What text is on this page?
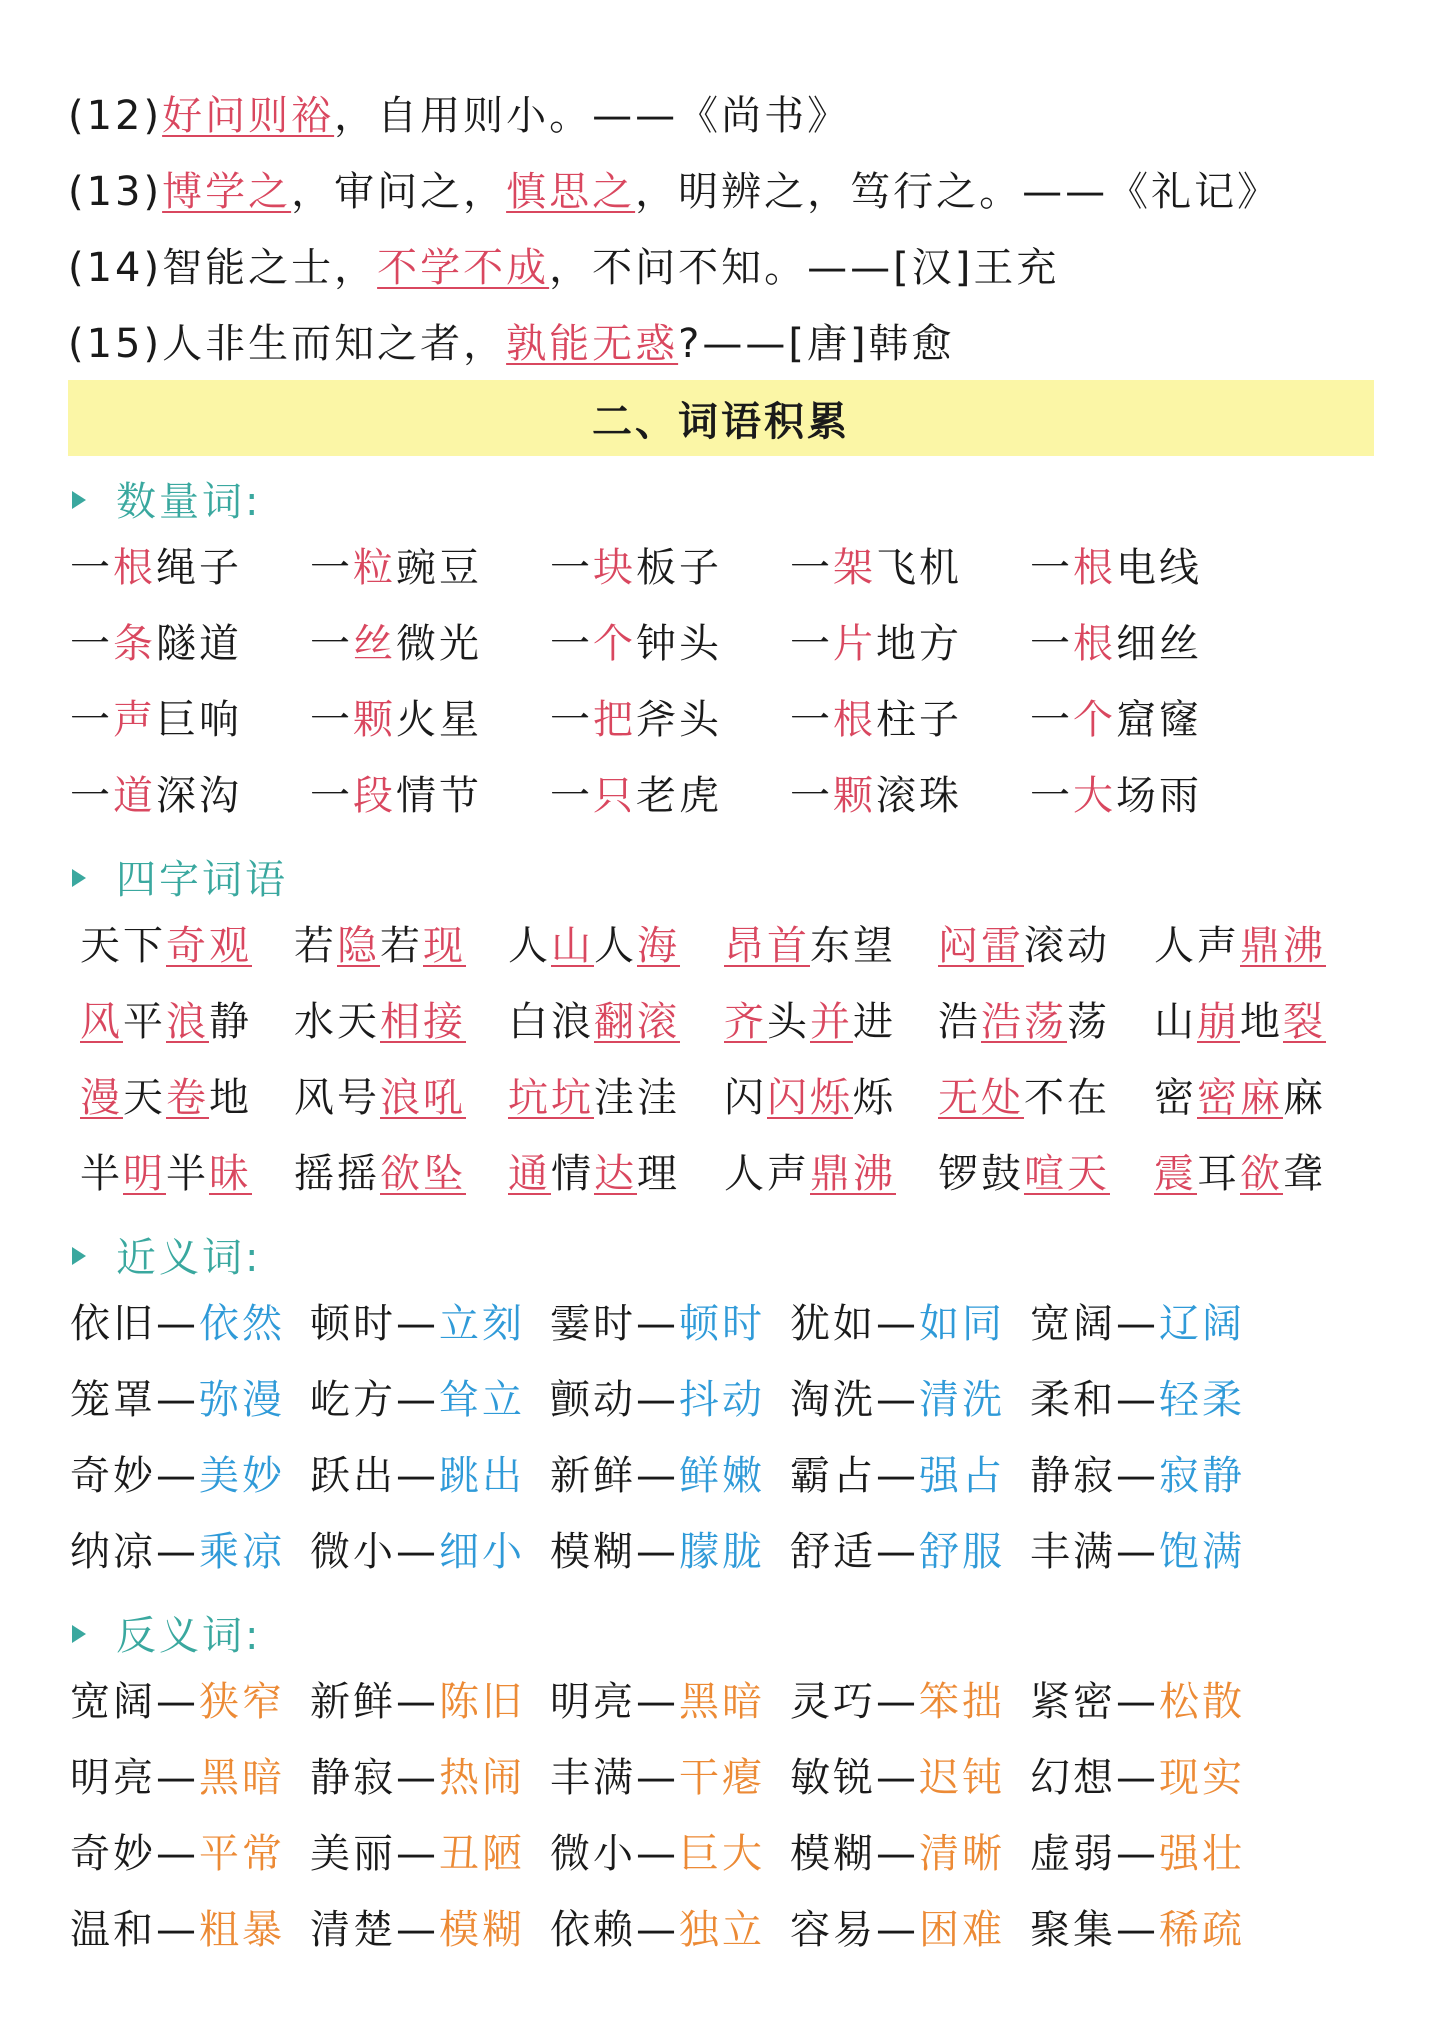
(12)好问则裕，自用则小。——《尚书》
(13)博学之，审问之，慎思之，明辨之，笃行之。——《礼记》
(14)智能之士，不学不成，不问不知。——[汉]王充
(15)人非生而知之者，孰能无惑?——[唐]韩愈
二、词语积累
数量词:
一根绳子 一粒豌豆 一块板子 一架飞机 一根电线
一条隧道 一丝微光 一个钟头 一片地方 一根细丝
一声巨响 一颗火星 一把斧头 一根柱子 一个窟窿
一道深沟 一段情节 一只老虎 一颗滚珠 一大场雨
四字词语
天下奇观 若隐若现 人山人海 昂首东望 闷雷滚动 人声鼎沸
风平浪静 水天相接 白浪翻滚 齐头并进 浩浩荡荡 山崩地裂
漫天卷地 风号浪吼 坑坑洼洼 闪闪烁烁 无处不在 密密麻麻
半明半昧 摇摇欲坠 通情达理 人声鼎沸 锣鼓喧天 震耳欲聋
近义词:
依旧—依然 顿时—立刻 霎时—顿时 犹如—如同 宽阔—辽阔
笼罩—弥漫 屹方—耸立 颤动—抖动 淘洗—清洗 柔和—轻柔
奇妙—美妙 跃出—跳出 新鲜—鲜嫩 霸占—强占 静寂—寂静
纳凉—乘凉 微小—细小 模糊—朦胧 舒适—舒服 丰满—饱满
反义词:
宽阔—狭窄 新鲜—陈旧 明亮—黑暗 灵巧—笨拙 紧密—松散
明亮—黑暗 静寂—热闹 丰满—干瘪 敏锐—迟钝 幻想—现实
奇妙—平常 美丽—丑陋 微小—巨大 模糊—清晰 虚弱—强壮
温和—粗暴 清楚—模糊 依赖—独立 容易—困难 聚集—稀疏
